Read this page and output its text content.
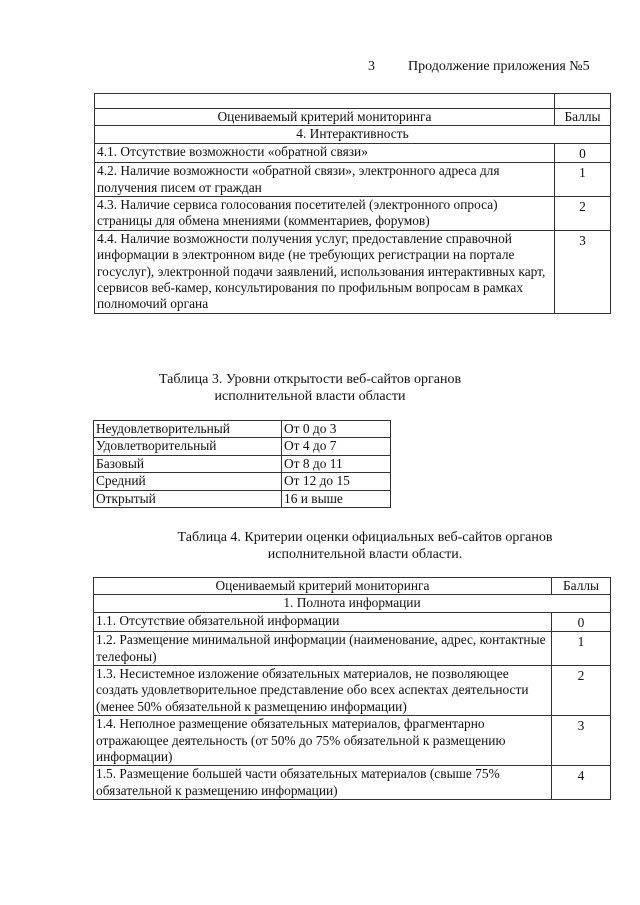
3 Продолжение приложения №5

Оцениваемый критерий мониторинга	Баллы
4. Интерактивность	
4.1. Отсутствие возможности «обратной связи»	0
4.2. Наличие возможности «обратной связи», электронного адреса для получения писем от граждан	1
4.3. Наличие сервиса голосования посетителей (электронного опроса) страницы для обмена мнениями (комментариев, форумов)	2
4.4. Наличие возможности получения услуг, предоставление справочной информации в электронном виде (не требующих регистрации на портале госуслуг), электронной подачи заявлений, использования интерактивных карт, сервисов веб-камер, консультирования по профильным вопросам в рамках полномочий органа	3
Таблица 3. Уровни открытости веб-сайтов органов
исполнительной власти области
Неудовлетворительный	От 0 до 3
Удовлетворительный	От 4 до 7
Базовый	От 8 до 11
Средний	От 12 до 15
Открытый	16 и выше
Таблица 4. Критерии оценки официальных веб-сайтов органов
исполнительной власти области.
Оцениваемый критерий мониторинга	Баллы
1. Полнота информации	
1.1. Отсутствие обязательной информации	0
1.2. Размещение минимальной информации (наименование, адрес, контактные телефоны)	1
1.3. Несистемное изложение обязательных материалов, не позволяющее создать удовлетворительное представление обо всех аспектах деятельности (менее 50% обязательной к размещению информации)	2
1.4. Неполное размещение обязательных материалов, фрагментарно отражающее деятельность (от 50% до 75% обязательной к размещению информации)	3
1.5. Размещение большей части обязательных материалов (свыше 75% обязательной к размещению информации)	4
